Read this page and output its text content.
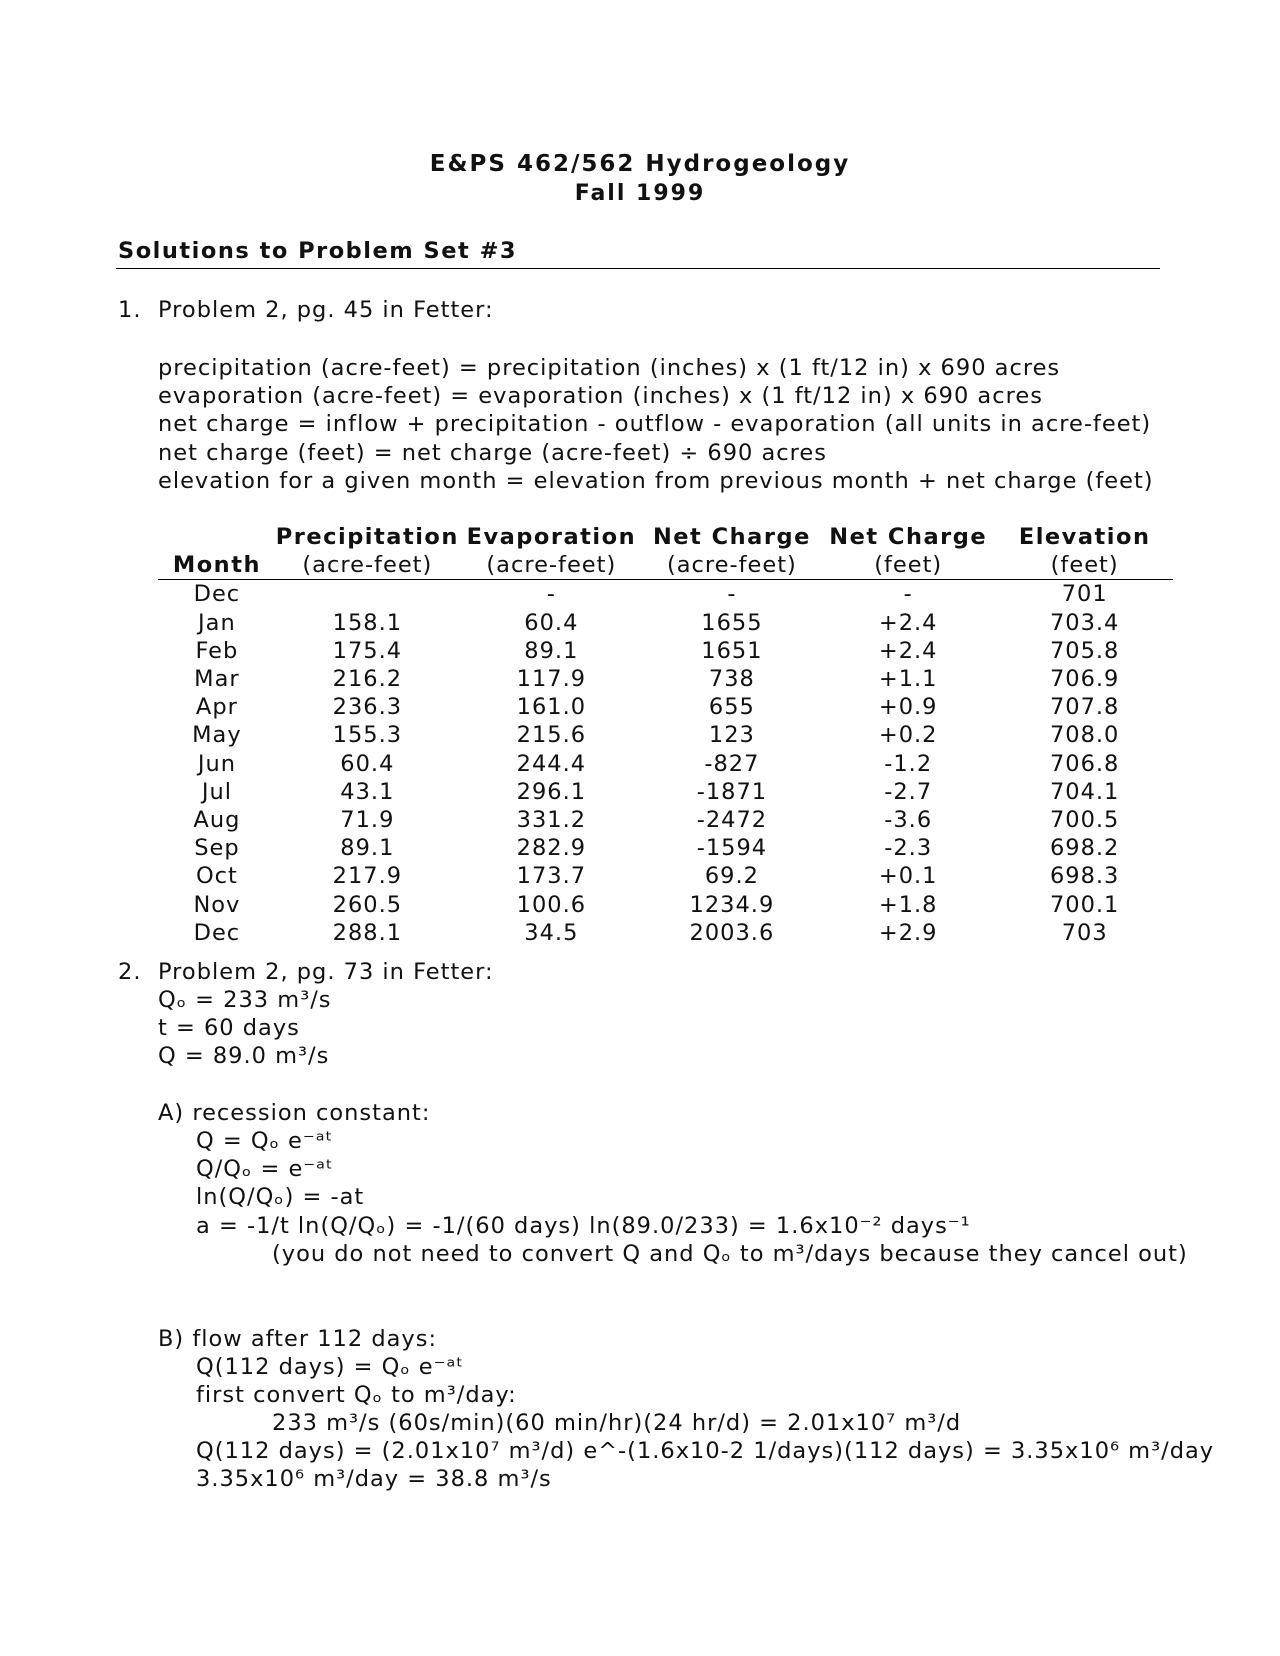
E&PS 462/562 Hydrogeology
Fall 1999
Solutions to Problem Set #3
1. Problem 2, pg. 45 in Fetter:
precipitation (acre-feet) = precipitation (inches) x (1 ft/12 in) x 690 acres
evaporation (acre-feet) = evaporation (inches) x (1 ft/12 in) x 690 acres
net charge = inflow + precipitation - outflow - evaporation (all units in acre-feet)
net charge (feet) = net charge (acre-feet) ÷ 690 acres
elevation for a given month = elevation from previous month + net charge (feet)
	Precipitation	Evaporation	Net Charge	Net Charge	Elevation
Month	(acre-feet)	(acre-feet)	(acre-feet)	(feet)	(feet)
Dec		-	-	-	701
Jan	158.1	60.4	1655	+2.4	703.4
Feb	175.4	89.1	1651	+2.4	705.8
Mar	216.2	117.9	738	+1.1	706.9
Apr	236.3	161.0	655	+0.9	707.8
May	155.3	215.6	123	+0.2	708.0
Jun	60.4	244.4	-827	-1.2	706.8
Jul	43.1	296.1	-1871	-2.7	704.1
Aug	71.9	331.2	-2472	-3.6	700.5
Sep	89.1	282.9	-1594	-2.3	698.2
Oct	217.9	173.7	69.2	+0.1	698.3
Nov	260.5	100.6	1234.9	+1.8	700.1
Dec	288.1	34.5	2003.6	+2.9	703
2. Problem 2, pg. 73 in Fetter:
Qₒ = 233 m³/s
t = 60 days
Q = 89.0 m³/s
A) recession constant:
Q = Qₒ e⁻ᵃᵗ
Q/Qₒ = e⁻ᵃᵗ
ln(Q/Qₒ) = -at
a = -1/t ln(Q/Qₒ) = -1/(60 days) ln(89.0/233) = 1.6x10⁻² days⁻¹
(you do not need to convert Q and Qₒ to m³/days because they cancel out)
B) flow after 112 days:
Q(112 days) = Qₒ e⁻ᵃᵗ
first convert Qₒ to m³/day:
233 m³/s (60s/min)(60 min/hr)(24 hr/d) = 2.01x10⁷ m³/d
Q(112 days) = (2.01x10⁷ m³/d) e^-(1.6x10-2 1/days)(112 days) = 3.35x10⁶ m³/day
3.35x10⁶ m³/day = 38.8 m³/s
